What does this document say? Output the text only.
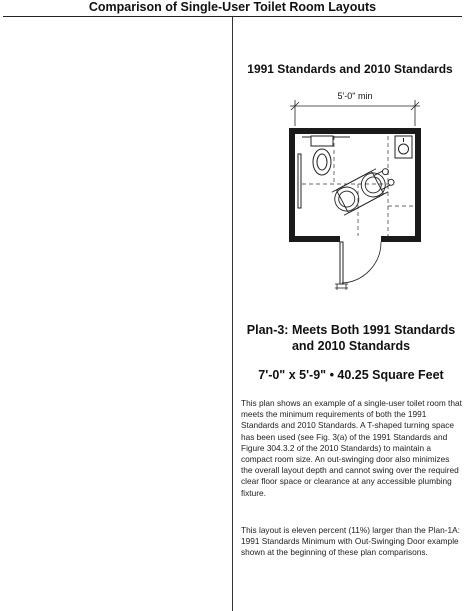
Comparison of Single-User Toilet Room Layouts
1991 Standards and 2010 Standards
5'-0" min
Plan-3: Meets Both 1991 Standards
and 2010 Standards
7'-0" x 5'-9" • 40.25 Square Feet

This plan shows an example of a single-user toilet room that meets the minimum requirements of both the 1991 Standards and 2010 Standards. A T-shaped turning space has been used (see Fig. 3(a) of the 1991 Standards and Figure 304.3.2 of the 2010 Standards) to maintain a compact room size. An out-swinging door also minimizes the overall layout depth and cannot swing over the required clear floor space or clearance at any accessible plumbing fixture.

This layout is eleven percent (11%) larger than the Plan-1A: 1991 Standards Minimum with Out-Swinging Door example shown at the beginning of these plan comparisons.
